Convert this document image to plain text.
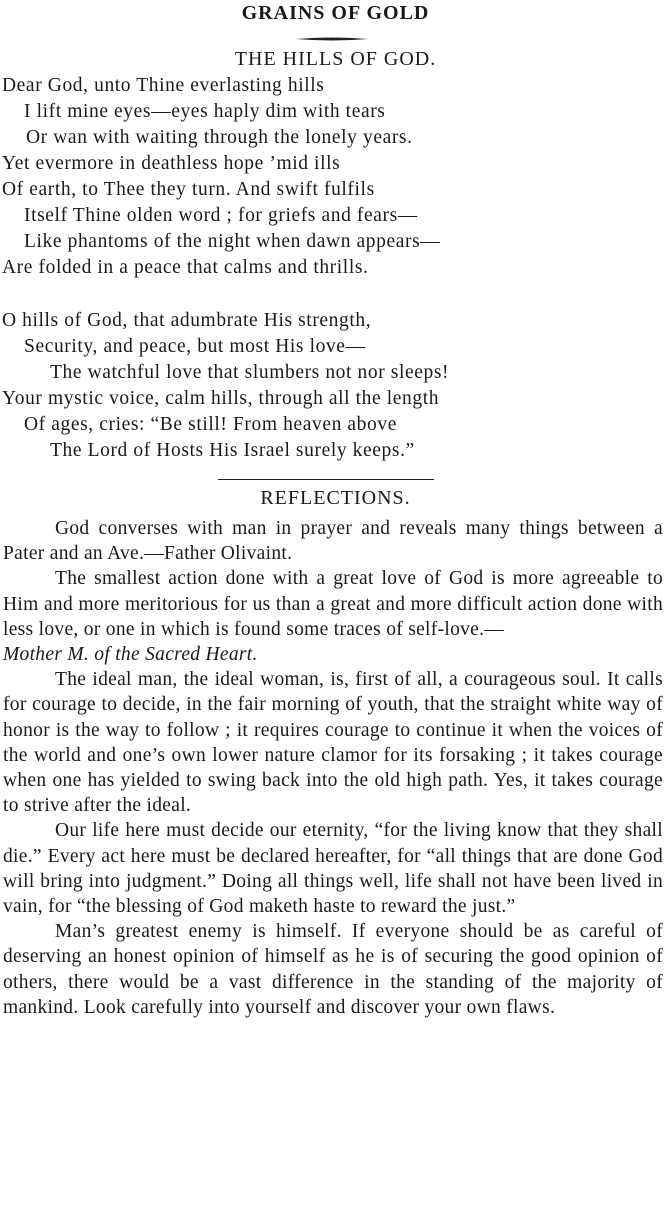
GRAINS OF GOLD
THE HILLS OF GOD.
Dear God, unto Thine everlasting hills
I lift mine eyes—eyes haply dim with tears
Or wan with waiting through the lonely years.
Yet evermore in deathless hope ’mid ills
Of earth, to Thee they turn. And swift fulfils
Itself Thine olden word ; for griefs and fears—
Like phantoms of the night when dawn appears—
Are folded in a peace that calms and thrills.
O hills of God, that adumbrate His strength,
Security, and peace, but most His love—
The watchful love that slumbers not nor sleeps!
Your mystic voice, calm hills, through all the length
Of ages, cries: “Be still! From heaven above
The Lord of Hosts His Israel surely keeps.”
REFLECTIONS.

God converses with man in prayer and reveals many things between a Pater and an Ave.—Father Olivaint.

The smallest action done with a great love of God is more agreeable to Him and more meritorious for us than a great and more difficult action done with less love, or one in which is found some traces of self-love.—
Mother M. of the Sacred Heart.

The ideal man, the ideal woman, is, first of all, a courageous soul. It calls for courage to decide, in the fair morning of youth, that the straight white way of honor is the way to follow ; it requires courage to continue it when the voices of the world and one’s own lower nature clamor for its forsaking ; it takes courage when one has yielded to swing back into the old high path. Yes, it takes courage to strive after the ideal.

Our life here must decide our eternity, “for the living know that they shall die.” Every act here must be declared hereafter, for “all things that are done God will bring into judgment.” Doing all things well, life shall not have been lived in vain, for “the blessing of God maketh haste to reward the just.”

Man’s greatest enemy is himself. If everyone should be as careful of deserving an honest opinion of himself as he is of securing the good opinion of others, there would be a vast difference in the standing of the majority of mankind. Look carefully into yourself and discover your own flaws.
